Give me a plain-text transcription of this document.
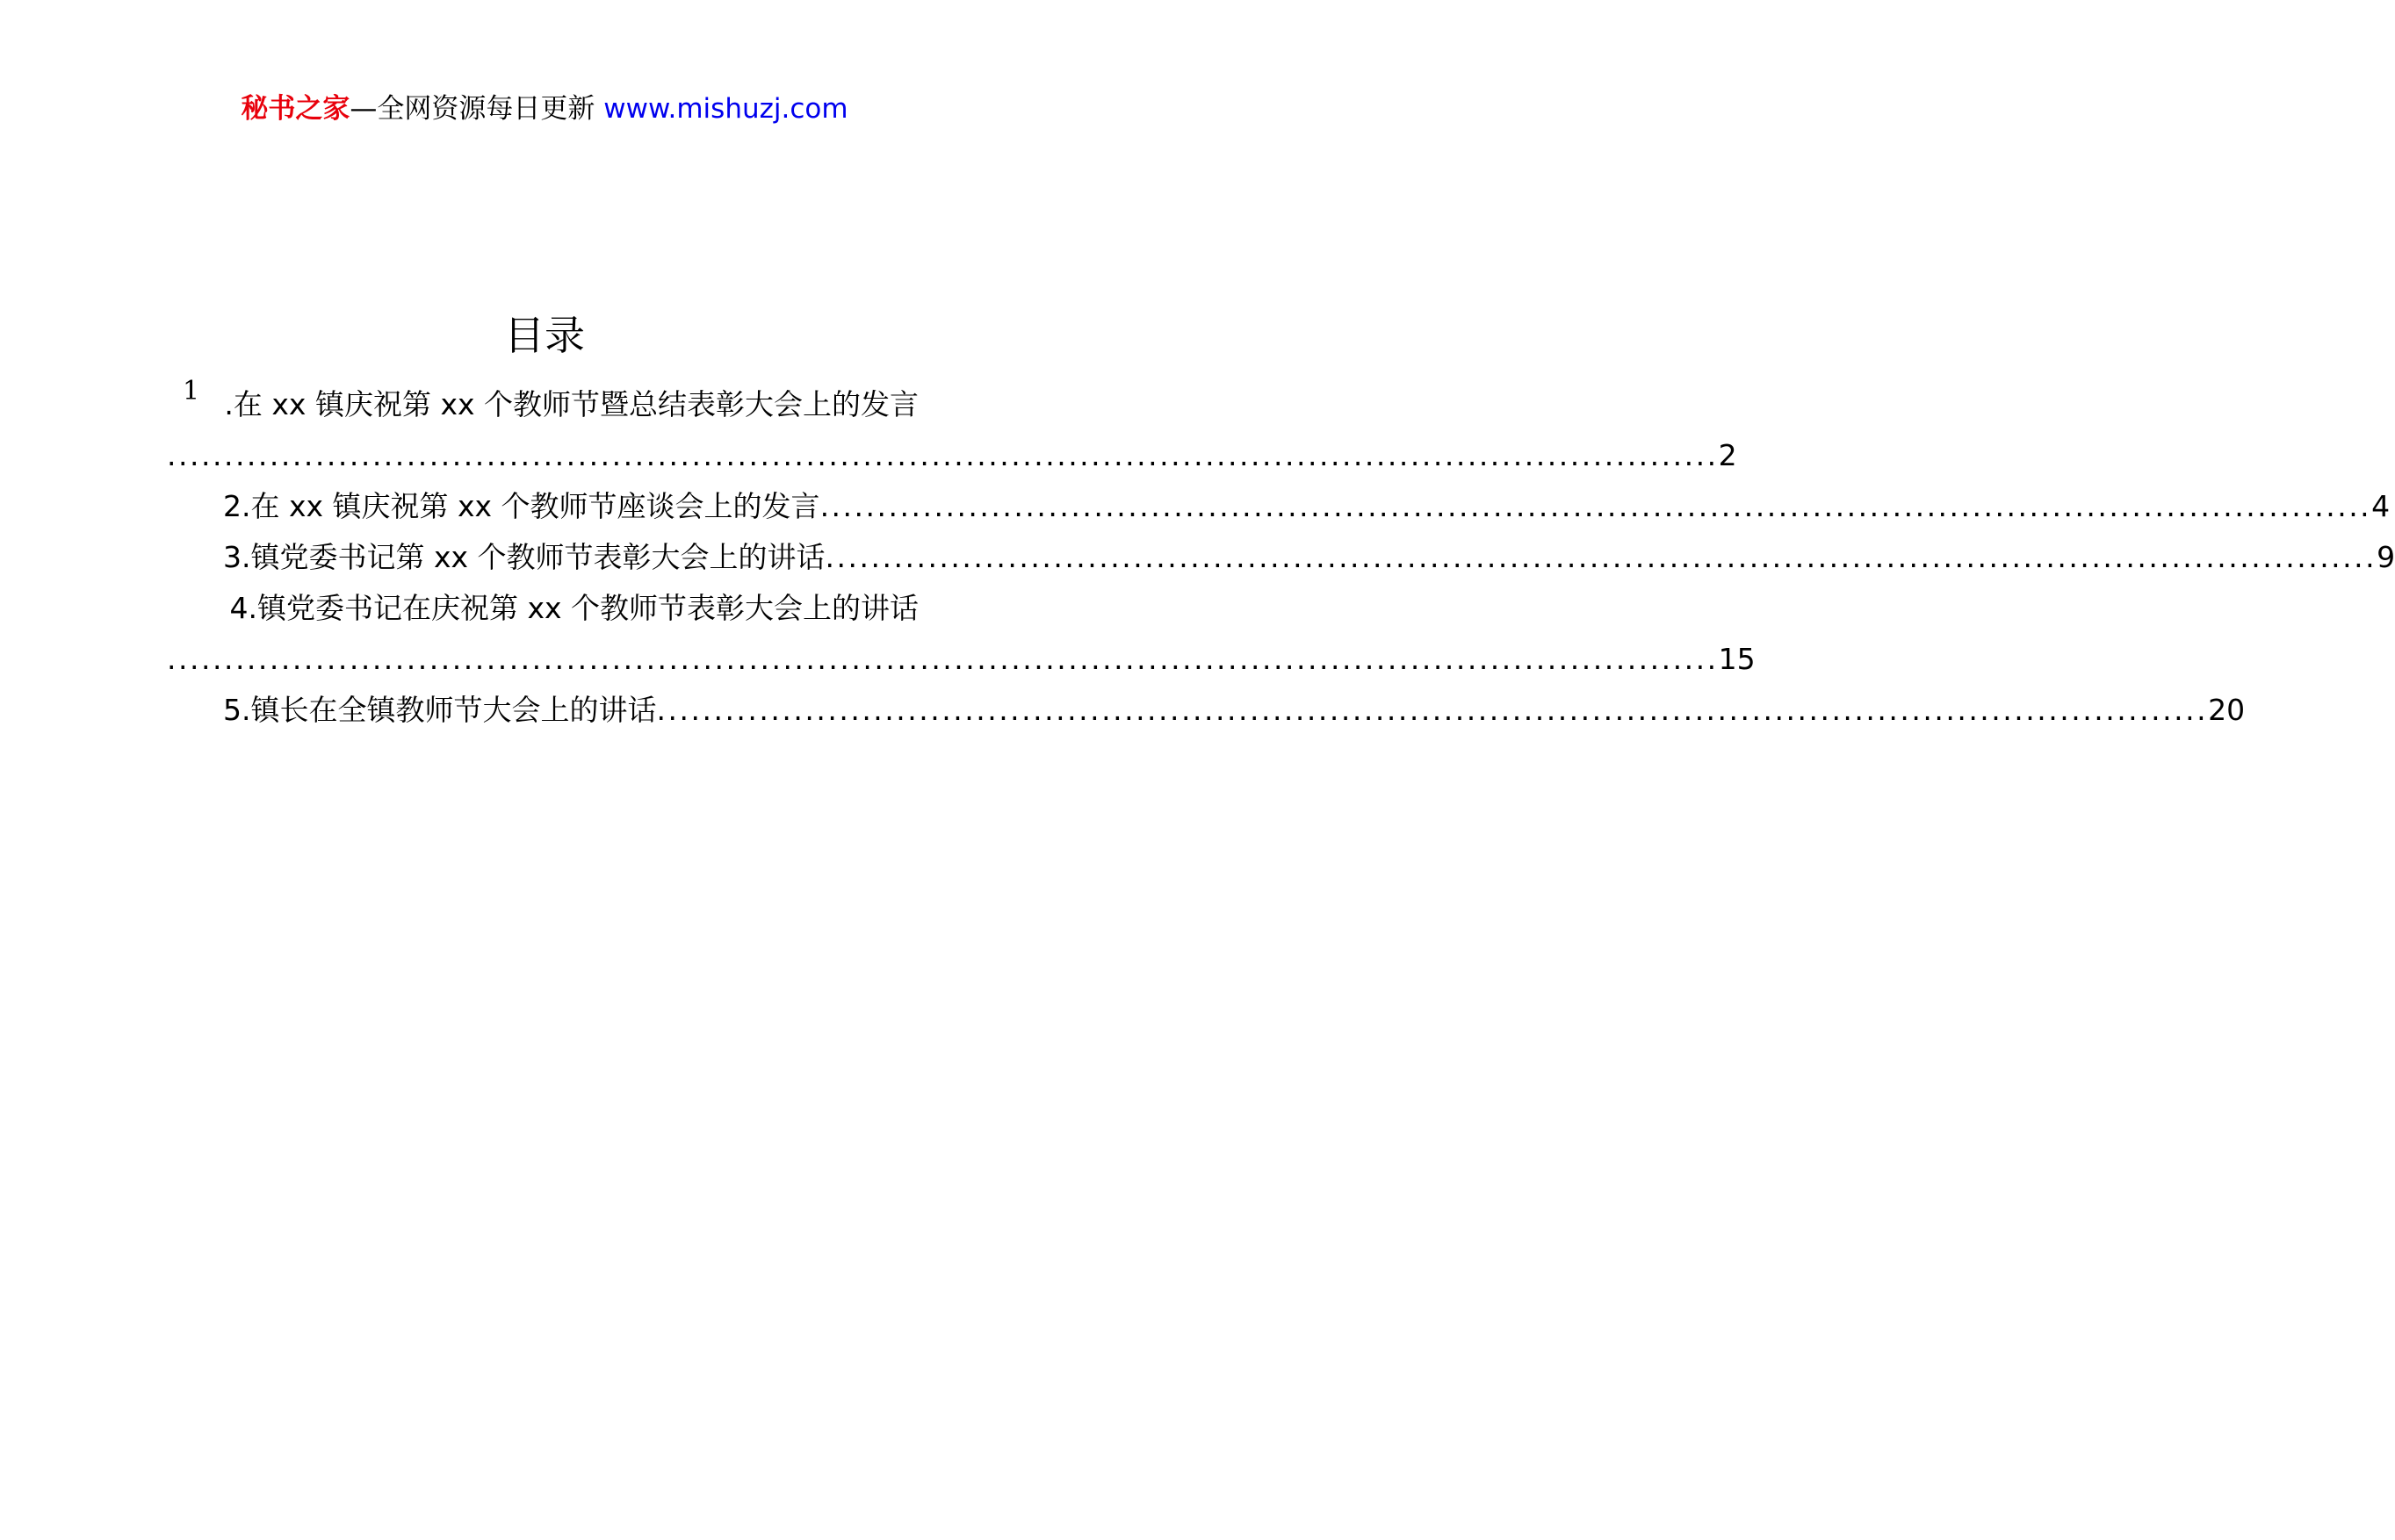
秘书之家—全网资源每日更新 www.mishuzj.com
目录
1 .在 xx 镇庆祝第 xx 个教师节暨总结表彰大会上的发言
........................................................................................................................................ 2
2.在 xx 镇庆祝第 xx 个教师节座谈会上的发言 ........................................................................................................................................ 4
3.镇党委书记第 xx 个教师节表彰大会上的讲话 ........................................................................................................................................ 9
4.镇党委书记在庆祝第 xx 个教师节表彰大会上的讲话
........................................................................................................................................ 15
5.镇长在全镇教师节大会上的讲话 ........................................................................................................................................ 20
